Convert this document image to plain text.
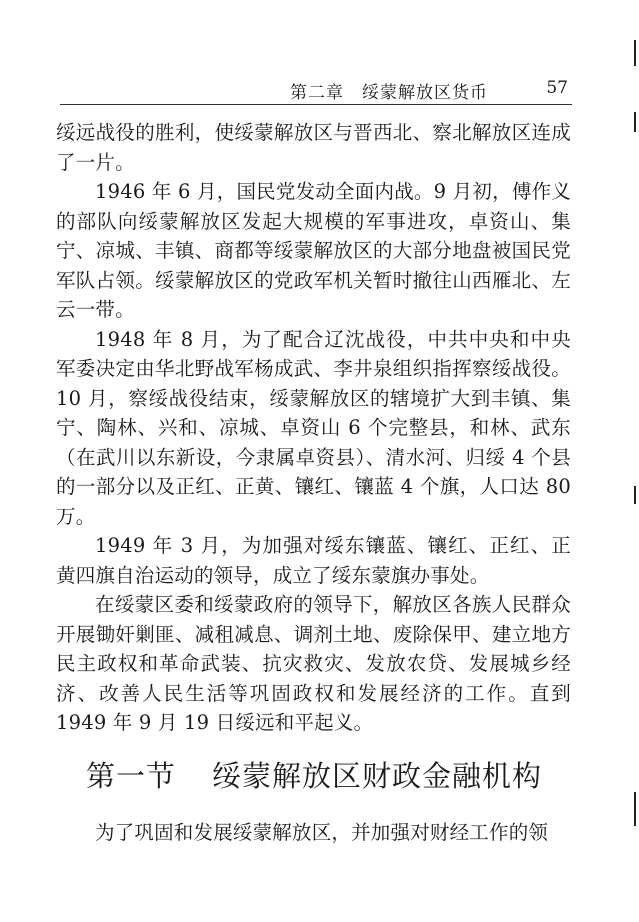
第二章　绥蒙解放区货币	57

绥远战役的胜利，使绥蒙解放区与晋西北、察北解放区连成了一片。

1946 年 6 月，国民党发动全面内战。9 月初，傅作义的部队向绥蒙解放区发起大规模的军事进攻，卓资山、集宁、凉城、丰镇、商都等绥蒙解放区的大部分地盘被国民党军队占领。绥蒙解放区的党政军机关暂时撤往山西雁北、左云一带。

1948 年 8 月，为了配合辽沈战役，中共中央和中央军委决定由华北野战军杨成武、李井泉组织指挥察绥战役。10 月，察绥战役结束，绥蒙解放区的辖境扩大到丰镇、集宁、陶林、兴和、凉城、卓资山 6 个完整县，和林、武东（在武川以东新设，今隶属卓资县）、清水河、归绥 4 个县的一部分以及正红、正黄、镶红、镶蓝 4 个旗，人口达 80 万。

1949 年 3 月，为加强对绥东镶蓝、镶红、正红、正黄四旗自治运动的领导，成立了绥东蒙旗办事处。

在绥蒙区委和绥蒙政府的领导下，解放区各族人民群众开展锄奸剿匪、减租减息、调剂土地、废除保甲、建立地方民主政权和革命武装、抗灾救灾、发放农贷、发展城乡经济、改善人民生活等巩固政权和发展经济的工作。直到 1949 年 9 月 19 日绥远和平起义。

第一节 绥蒙解放区财政金融机构

为了巩固和发展绥蒙解放区，并加强对财经工作的领
